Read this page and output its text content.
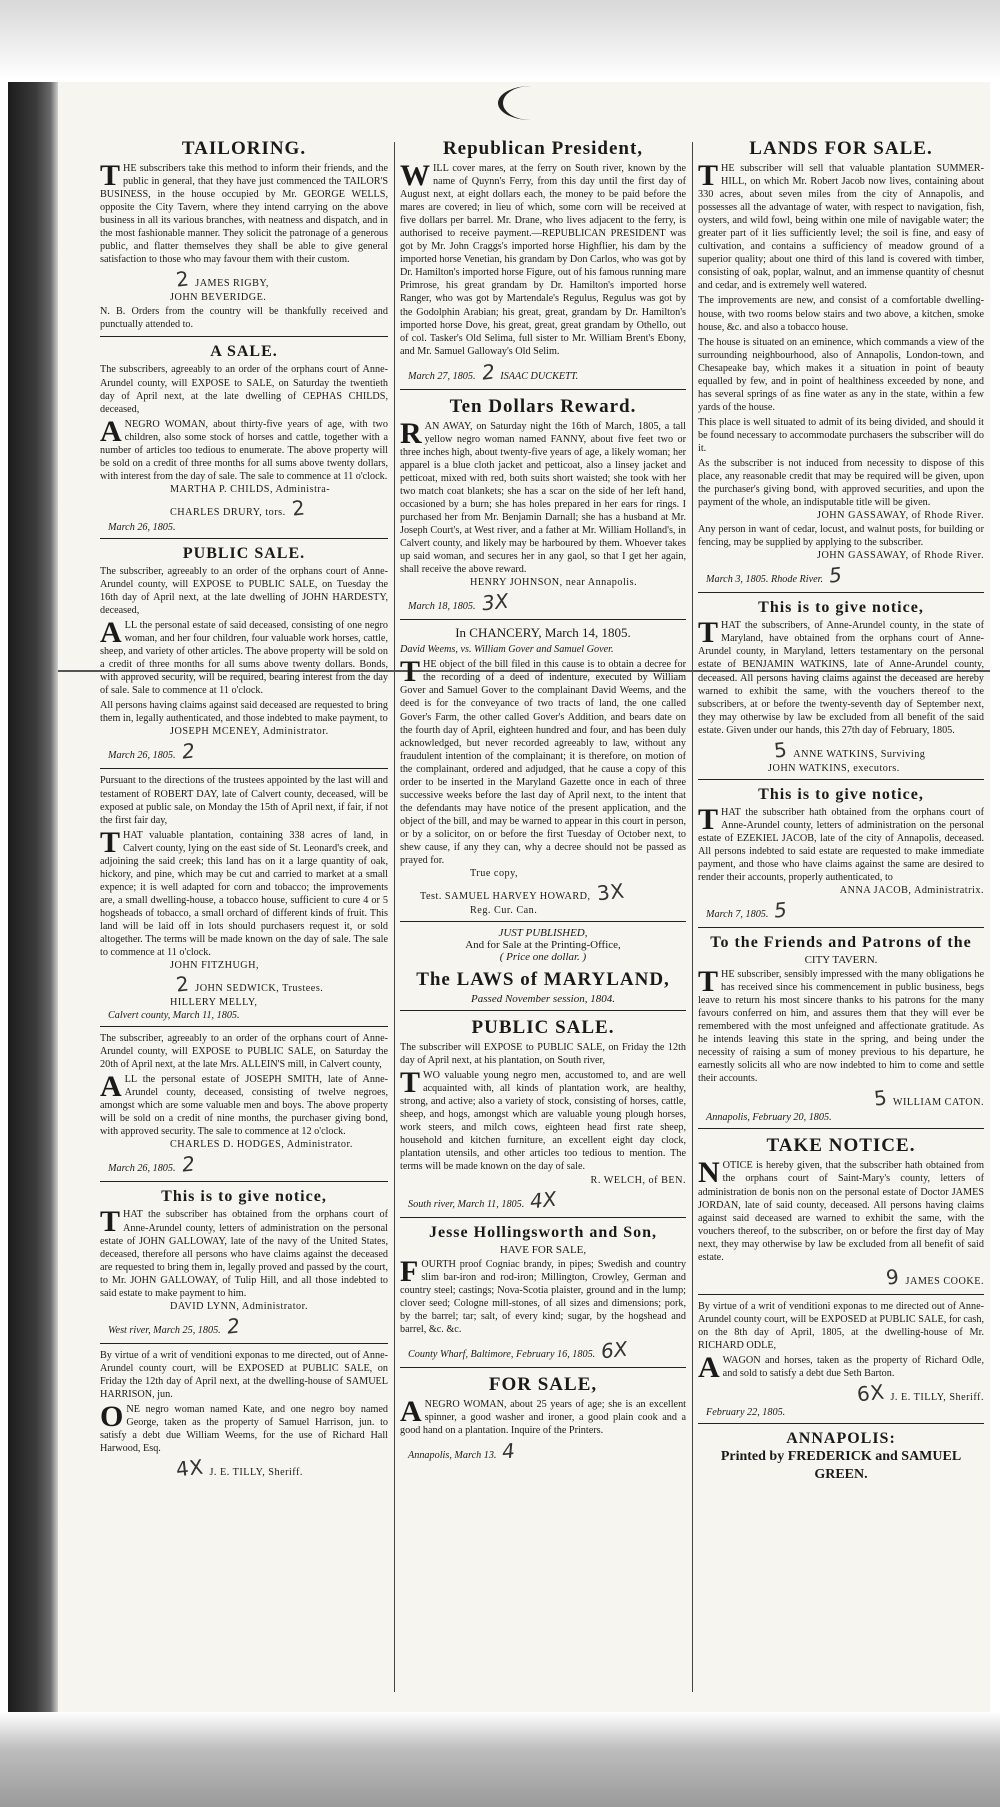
TAILORING.

THE subscribers take this method to inform their friends, and the public in general, that they have just commenced the TAILOR'S BUSINESS, in the house occupied by Mr. GEORGE WELLS, opposite the City Tavern, where they intend carrying on the above business in all its various branches, with neatness and dispatch, and in the most fashionable manner. They solicit the patronage of a generous public, and flatter themselves they shall be able to give general satisfaction to those who may favour them with their custom.

2 JAMES RIGBY,
JOHN BEVERIDGE.

N. B. Orders from the country will be thankfully received and punctually attended to.

A SALE.

The subscribers, agreeably to an order of the orphans court of Anne-Arundel county, will EXPOSE to SALE, on Saturday the twentieth day of April next, at the late dwelling of CEPHAS CHILDS, deceased,

ANEGRO WOMAN, about thirty-five years of age, with two children, also some stock of horses and cattle, together with a number of articles too tedious to enumerate. The above property will be sold on a credit of three months for all sums above twenty dollars, with interest from the day of sale. The sale to commence at 11 o'clock.

MARTHA P. CHILDS, Administra-
CHARLES DRURY, tors. 2
March 26, 1805.
PUBLIC SALE.

The subscriber, agreeably to an order of the orphans court of Anne-Arundel county, will EXPOSE to PUBLIC SALE, on Tuesday the 16th day of April next, at the late dwelling of JOHN HARDESTY, deceased,

ALL the personal estate of said deceased, consisting of one negro woman, and her four children, four valuable work horses, cattle, sheep, and variety of other articles. The above property will be sold on a credit of three months for all sums above twenty dollars. Bonds, with approved security, will be required, bearing interest from the day of sale. Sale to commence at 11 o'clock.

All persons having claims against said deceased are requested to bring them in, legally authenticated, and those indebted to make payment, to

JOSEPH MCENEY, Administrator.
March 26, 1805. 2

Pursuant to the directions of the trustees appointed by the last will and testament of ROBERT DAY, late of Calvert county, deceased, will be exposed at public sale, on Monday the 15th of April next, if fair, if not the first fair day,

THAT valuable plantation, containing 338 acres of land, in Calvert county, lying on the east side of St. Leonard's creek, and adjoining the said creek; this land has on it a large quantity of oak, hickory, and pine, which may be cut and carried to market at a small expence; it is well adapted for corn and tobacco; the improvements are, a small dwelling-house, a tobacco house, sufficient to cure 4 or 5 hogsheads of tobacco, a small orchard of different kinds of fruit. This land will be laid off in lots should purchasers request it, or sold altogether. The terms will be made known on the day of sale. The sale to commence at 11 o'clock.

JOHN FITZHUGH,
2 JOHN SEDWICK, Trustees.
HILLERY MELLY,
Calvert county, March 11, 1805.

The subscriber, agreeably to an order of the orphans court of Anne-Arundel county, will EXPOSE to PUBLIC SALE, on Saturday the 20th of April next, at the late Mrs. ALLEIN'S mill, in Calvert county,

ALL the personal estate of JOSEPH SMITH, late of Anne-Arundel county, deceased, consisting of twelve negroes, amongst which are some valuable men and boys. The above property will be sold on a credit of nine months, the purchaser giving bond, with approved security. The sale to commence at 12 o'clock.

CHARLES D. HODGES, Administrator.
March 26, 1805. 2
This is to give notice,

THAT the subscriber has obtained from the orphans court of Anne-Arundel county, letters of administration on the personal estate of JOHN GALLOWAY, late of the navy of the United States, deceased, therefore all persons who have claims against the deceased are requested to bring them in, legally proved and passed by the court, to Mr. JOHN GALLOWAY, of Tulip Hill, and all those indebted to said estate to make payment to him.

DAVID LYNN, Administrator.
West river, March 25, 1805. 2

By virtue of a writ of venditioni exponas to me directed, out of Anne-Arundel county court, will be EXPOSED at PUBLIC SALE, on Friday the 12th day of April next, at the dwelling-house of SAMUEL HARRISON, jun.

ONE negro woman named Kate, and one negro boy named George, taken as the property of Samuel Harrison, jun. to satisfy a debt due William Weems, for the use of Richard Hall Harwood, Esq.

4X J. E. TILLY, Sheriff.
Republican President,

WILL cover mares, at the ferry on South river, known by the name of Quynn's Ferry, from this day until the first day of August next, at eight dollars each, the money to be paid before the mares are covered; in lieu of which, some corn will be received at five dollars per barrel. Mr. Drane, who lives adjacent to the ferry, is authorised to receive payment.—REPUBLICAN PRESIDENT was got by Mr. John Craggs's imported horse Highflier, his dam by the imported horse Venetian, his grandam by Don Carlos, who was got by Dr. Hamilton's imported horse Figure, out of his famous running mare Primrose, his great grandam by Dr. Hamilton's imported horse Ranger, who was got by Martendale's Regulus, Regulus was got by the Godolphin Arabian; his great, great, grandam by Dr. Hamilton's imported horse Dove, his great, great, great grandam by Othello, out of col. Tasker's Old Selima, full sister to Mr. William Brent's Ebony, and Mr. Samuel Galloway's Old Selim.

March 27, 1805. 2 ISAAC DUCKETT.
Ten Dollars Reward.

RAN AWAY, on Saturday night the 16th of March, 1805, a tall yellow negro woman named FANNY, about five feet two or three inches high, about twenty-five years of age, a likely woman; her apparel is a blue cloth jacket and petticoat, also a linsey jacket and petticoat, mixed with red, both suits short waisted; she took with her two match coat blankets; she has a scar on the side of her left hand, occasioned by a burn; she has holes prepared in her ears for rings. I purchased her from Mr. Benjamin Darnall; she has a husband at Mr. Joseph Court's, at West river, and a father at Mr. William Holland's, in Calvert county, and likely may be harboured by them. Whoever takes up said woman, and secures her in any gaol, so that I get her again, shall receive the above reward.

HENRY JOHNSON, near Annapolis.
March 18, 1805. 3X
In CHANCERY, March 14, 1805.

David Weems, vs. William Gover and Samuel Gover.

THE object of the bill filed in this cause is to obtain a decree for the recording of a deed of indenture, executed by William Gover and Samuel Gover to the complainant David Weems, and the deed is for the conveyance of two tracts of land, the one called Gover's Farm, the other called Gover's Addition, and bears date on the fourth day of April, eighteen hundred and four, and has been duly acknowledged, but never recorded agreeably to law, without any fraudulent intention of the complainant; it is therefore, on motion of the complainant, ordered and adjudged, that he cause a copy of this order to be inserted in the Maryland Gazette once in each of three successive weeks before the last day of April next, to the intent that the defendants may have notice of the present application, and the object of the bill, and may be warned to appear in this court in person, or by a solicitor, on or before the first Tuesday of October next, to shew cause, if any they can, why a decree should not be passed as prayed for.

True copy,
Test. SAMUEL HARVEY HOWARD, 3X
Reg. Cur. Can.
JUST PUBLISHED,
And for Sale at the Printing-Office,
( Price one dollar. )
The LAWS of MARYLAND,
Passed November session, 1804.
PUBLIC SALE.

The subscriber will EXPOSE to PUBLIC SALE, on Friday the 12th day of April next, at his plantation, on South river,

TWO valuable young negro men, accustomed to, and are well acquainted with, all kinds of plantation work, are healthy, strong, and active; also a variety of stock, consisting of horses, cattle, sheep, and hogs, amongst which are valuable young plough horses, work steers, and milch cows, eighteen head first rate sheep, household and kitchen furniture, an excellent eight day clock, plantation utensils, and other articles too tedious to mention. The terms will be made known on the day of sale.

R. WELCH, of BEN.
South river, March 11, 1805. 4X
Jesse Hollingsworth and Son,
HAVE FOR SALE,

FOURTH proof Cogniac brandy, in pipes; Swedish and country slim bar-iron and rod-iron; Millington, Crowley, German and country steel; castings; Nova-Scotia plaister, ground and in the lump; clover seed; Cologne mill-stones, of all sizes and dimensions; pork, by the barrel; tar; salt, of every kind; sugar, by the hogshead and barrel, &c. &c.

County Wharf, Baltimore, February 16, 1805. 6X
FOR SALE,

ANEGRO WOMAN, about 25 years of age; she is an excellent spinner, a good washer and ironer, a good plain cook and a good hand on a plantation. Inquire of the Printers.

Annapolis, March 13. 4
LANDS FOR SALE.

THE subscriber will sell that valuable plantation SUMMER-HILL, on which Mr. Robert Jacob now lives, containing about 330 acres, about seven miles from the city of Annapolis, and possesses all the advantage of water, with respect to navigation, fish, oysters, and wild fowl, being within one mile of navigable water; the greater part of it lies sufficiently level; the soil is fine, and easy of cultivation, and contains a sufficiency of meadow ground of a superior quality; about one third of this land is covered with timber, consisting of oak, poplar, walnut, and an immense quantity of chesnut and cedar, and is extremely well watered.

The improvements are new, and consist of a comfortable dwelling-house, with two rooms below stairs and two above, a kitchen, smoke house, &c. and also a tobacco house.

The house is situated on an eminence, which commands a view of the surrounding neighbourhood, also of Annapolis, London-town, and Chesapeake bay, which makes it a situation in point of beauty equalled by few, and in point of healthiness exceeded by none, and has several springs of as fine water as any in the state, within a few yards of the house.

This place is well situated to admit of its being divided, and should it be found necessary to accommodate purchasers the subscriber will do it.

As the subscriber is not induced from necessity to dispose of this place, any reasonable credit that may be required will be given, upon the purchaser's giving bond, with approved securities, and upon the payment of the whole, an indisputable title will be given.

JOHN GASSAWAY, of Rhode River.

Any person in want of cedar, locust, and walnut posts, for building or fencing, may be supplied by applying to the subscriber.

JOHN GASSAWAY, of Rhode River.
March 3, 1805. Rhode River. 5
This is to give notice,

THAT the subscribers, of Anne-Arundel county, in the state of Maryland, have obtained from the orphans court of Anne-Arundel county, in Maryland, letters testamentary on the personal estate of BENJAMIN WATKINS, late of Anne-Arundel county, deceased. All persons having claims against the deceased are hereby warned to exhibit the same, with the vouchers thereof to the subscribers, at or before the twenty-seventh day of September next, they may otherwise by law be excluded from all benefit of the said estate. Given under our hands, this 27th day of February, 1805.

5 ANNE WATKINS, Surviving
JOHN WATKINS, executors.
This is to give notice,

THAT the subscriber hath obtained from the orphans court of Anne-Arundel county, letters of administration on the personal estate of EZEKIEL JACOB, late of the city of Annapolis, deceased. All persons indebted to said estate are requested to make immediate payment, and those who have claims against the same are desired to render their accounts, properly authenticated, to

ANNA JACOB, Administratrix.
March 7, 1805. 5
To the Friends and Patrons of the
CITY TAVERN.

THE subscriber, sensibly impressed with the many obligations he has received since his commencement in public business, begs leave to return his most sincere thanks to his patrons for the many favours conferred on him, and assures them that they will ever be remembered with the most unfeigned and affectionate gratitude. As he intends leaving this state in the spring, and being under the necessity of raising a sum of money previous to his departure, he earnestly solicits all who are now indebted to him to come and settle their accounts.

5 WILLIAM CATON.
Annapolis, February 20, 1805.
TAKE NOTICE.

NOTICE is hereby given, that the subscriber hath obtained from the orphans court of Saint-Mary's county, letters of administration de bonis non on the personal estate of Doctor JAMES JORDAN, late of said county, deceased. All persons having claims against said deceased are warned to exhibit the same, with the vouchers thereof, to the subscriber, on or before the first day of May next, they may otherwise by law be excluded from all benefit of said estate.

9 JAMES COOKE.

By virtue of a writ of venditioni exponas to me directed out of Anne-Arundel county court, will be EXPOSED at PUBLIC SALE, for cash, on the 8th day of April, 1805, at the dwelling-house of Mr. RICHARD ODLE,

AWAGON and horses, taken as the property of Richard Odle, and sold to satisfy a debt due Seth Barton.

6X J. E. TILLY, Sheriff.
February 22, 1805.
ANNAPOLIS:
Printed by FREDERICK and SAMUEL GREEN.
